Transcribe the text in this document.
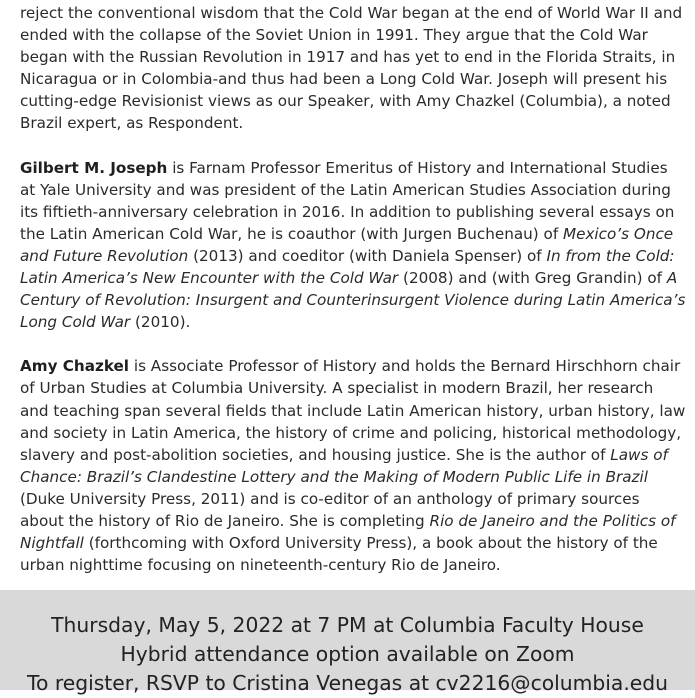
reject the conventional wisdom that the Cold War began at the end of World War II and ended with the collapse of the Soviet Union in 1991. They argue that the Cold War began with the Russian Revolution in 1917 and has yet to end in the Florida Straits, in Nicaragua or in Colombia-and thus had been a Long Cold War. Joseph will present his cutting-edge Revisionist views as our Speaker, with Amy Chazkel (Columbia), a noted Brazil expert, as Respondent.

Gilbert M. Joseph is Farnam Professor Emeritus of History and International Studies at Yale University and was president of the Latin American Studies Association during its fiftieth-anniversary celebration in 2016. In addition to publishing several essays on the Latin American Cold War, he is coauthor (with Jurgen Buchenau) of Mexico’s Once and Future Revolution (2013) and coeditor (with Daniela Spenser) of In from the Cold: Latin America’s New Encounter with the Cold War (2008) and (with Greg Grandin) of A Century of Revolution: Insurgent and Counterinsurgent Violence during Latin America’s Long Cold War (2010).

Amy Chazkel is Associate Professor of History and holds the Bernard Hirschhorn chair of Urban Studies at Columbia University. A specialist in modern Brazil, her research and teaching span several fields that include Latin American history, urban history, law and society in Latin America, the history of crime and policing, historical methodology, slavery and post-abolition societies, and housing justice. She is the author of Laws of Chance: Brazil’s Clandestine Lottery and the Making of Modern Public Life in Brazil (Duke University Press, 2011) and is co-editor of an anthology of primary sources about the history of Rio de Janeiro. She is completing Rio de Janeiro and the Politics of Nightfall (forthcoming with Oxford University Press), a book about the history of the urban nighttime focusing on nineteenth-century Rio de Janeiro.

Thursday, May 5, 2022 at 7 PM at Columbia Faculty House
Hybrid attendance option available on Zoom
To register, RSVP to Cristina Venegas at cv2216@columbia.edu
